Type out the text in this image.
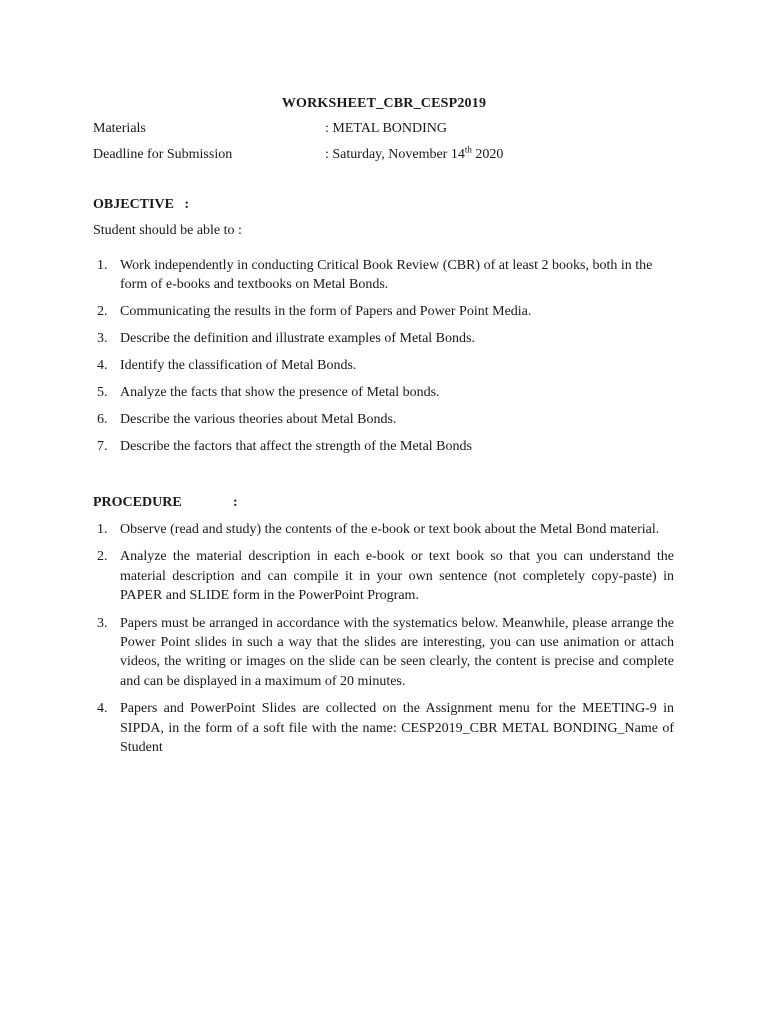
WORKSHEET_CBR_CESP2019
Materials	: METAL BONDING
Deadline for Submission	: Saturday, November 14th 2020
OBJECTIVE   :
Student should be able to :
1. Work independently in conducting Critical Book Review (CBR) of at least 2 books, both in the form of e-books and textbooks on Metal Bonds.
2. Communicating the results in the form of Papers and Power Point Media.
3. Describe the definition and illustrate examples of Metal Bonds.
4. Identify the classification of Metal Bonds.
5. Analyze the facts that show the presence of Metal bonds.
6. Describe the various theories about Metal Bonds.
7. Describe the factors that affect the strength of the Metal Bonds
PROCEDURE	:
1. Observe (read and study) the contents of the e-book or text book about the Metal Bond material.
2. Analyze the material description in each e-book or text book so that you can understand the material description and can compile it in your own sentence (not completely copy-paste) in PAPER and SLIDE form in the PowerPoint Program.
3. Papers must be arranged in accordance with the systematics below. Meanwhile, please arrange the Power Point slides in such a way that the slides are interesting, you can use animation or attach videos, the writing or images on the slide can be seen clearly, the content is precise and complete and can be displayed in a maximum of 20 minutes.
4. Papers and PowerPoint Slides are collected on the Assignment menu for the MEETING-9 in SIPDA, in the form of a soft file with the name: CESP2019_CBR METAL BONDING_Name of Student
